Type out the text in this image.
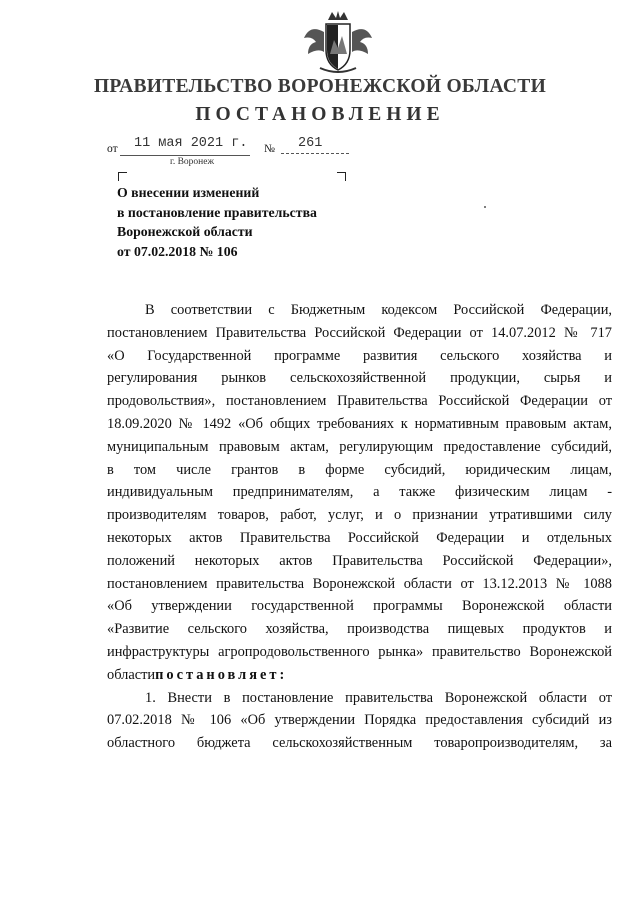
ПРАВИТЕЛЬСТВО ВОРОНЕЖСКОЙ ОБЛАСТИ
ПОСТАНОВЛЕНИЕ
от 11 мая 2021 г. № 261
г. Воронеж
О внесении изменений
в постановление правительства
Воронежской области
от 07.02.2018 № 106

В соответствии с Бюджетным кодексом Российской Федерации,

постановлением Правительства Российской Федерации от 14.07.2012 № 717

«О Государственной программе развития сельского хозяйства и

регулирования рынков сельскохозяйственной продукции, сырья и

продовольствия», постановлением Правительства Российской Федерации от

18.09.2020 № 1492 «Об общих требованиях к нормативным правовым актам,

муниципальным правовым актам, регулирующим предоставление субсидий,

в том числе грантов в форме субсидий, юридическим лицам,

индивидуальным предпринимателям, а также физическим лицам -

производителям товаров, работ, услуг, и о признании утратившими силу

некоторых актов Правительства Российской Федерации и отдельных

положений некоторых актов Правительства Российской Федерации»,

постановлением правительства Воронежской области от 13.12.2013 № 1088

«Об утверждении государственной программы Воронежской области

«Развитие сельского хозяйства, производства пищевых продуктов и

инфраструктуры агропродовольственного рынка» правительство Воронежской

областипостановляет:

1. Внести в постановление правительства Воронежской области от

07.02.2018 № 106 «Об утверждении Порядка предоставления субсидий из

областного бюджета сельскохозяйственным товаропроизводителям, за
